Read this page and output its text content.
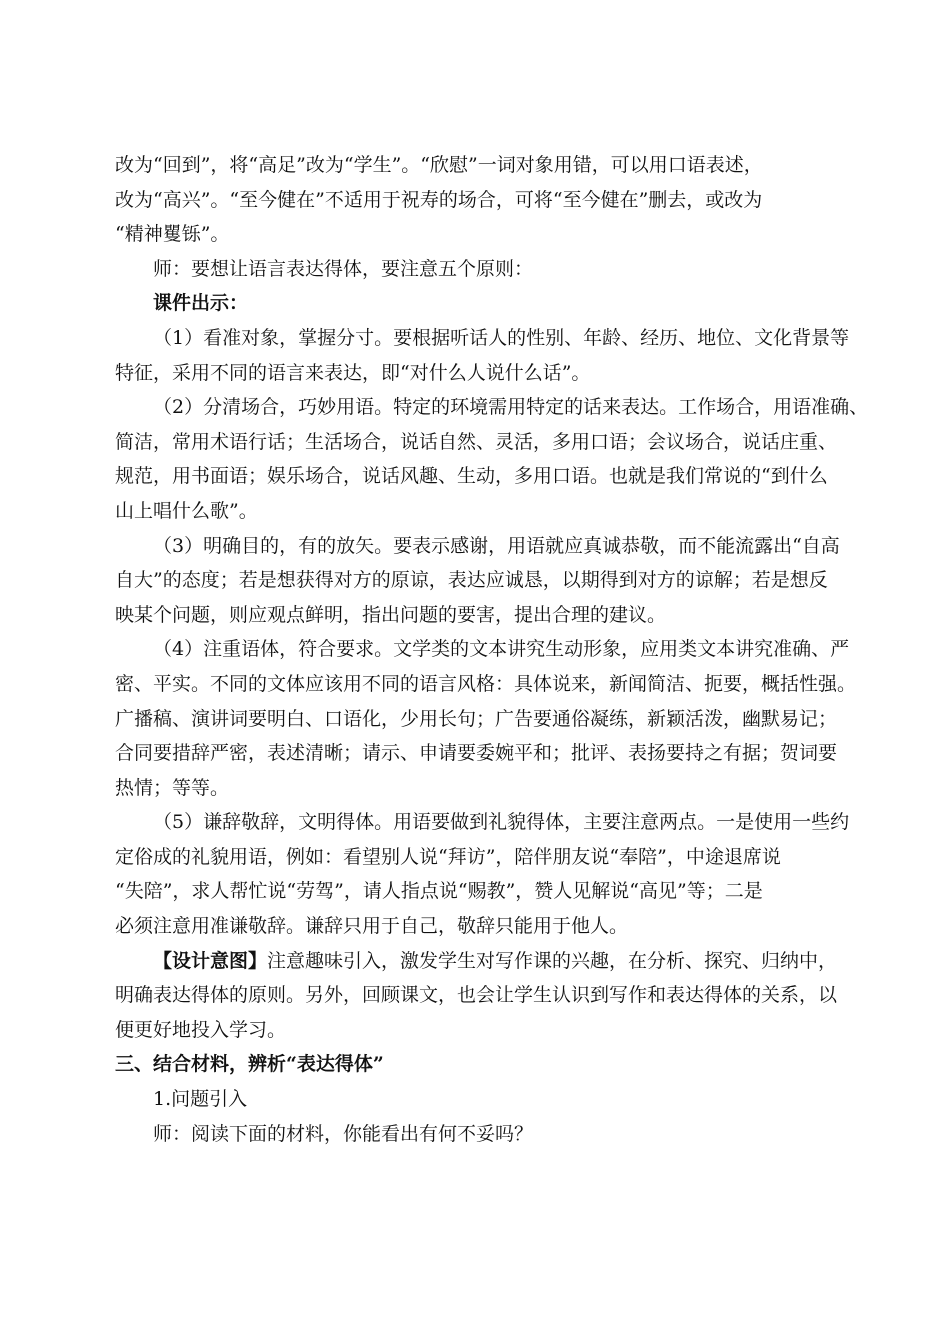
改为“回到”，将“高足”改为“学生”。“欣慰”一词对象用错，可以用口语表述，
改为“高兴”。“至今健在”不适用于祝寿的场合，可将“至今健在”删去，或改为
“精神矍铄”。
师：要想让语言表达得体，要注意五个原则：
课件出示：
（1）看准对象，掌握分寸。要根据听话人的性别、年龄、经历、地位、文化背景等
特征，采用不同的语言来表达，即“对什么人说什么话”。
（2）分清场合，巧妙用语。特定的环境需用特定的话来表达。工作场合，用语准确、
简洁，常用术语行话；生活场合，说话自然、灵活，多用口语；会议场合，说话庄重、
规范，用书面语；娱乐场合，说话风趣、生动，多用口语。也就是我们常说的“到什么
山上唱什么歌”。
（3）明确目的，有的放矢。要表示感谢，用语就应真诚恭敬，而不能流露出“自高
自大”的态度；若是想获得对方的原谅，表达应诚恳，以期得到对方的谅解；若是想反
映某个问题，则应观点鲜明，指出问题的要害，提出合理的建议。
（4）注重语体，符合要求。文学类的文本讲究生动形象，应用类文本讲究准确、严
密、平实。不同的文体应该用不同的语言风格：具体说来，新闻简洁、扼要，概括性强。
广播稿、演讲词要明白、口语化，少用长句；广告要通俗凝练，新颖活泼，幽默易记；
合同要措辞严密，表述清晰；请示、申请要委婉平和；批评、表扬要持之有据；贺词要
热情；等等。
（5）谦辞敬辞，文明得体。用语要做到礼貌得体，主要注意两点。一是使用一些约
定俗成的礼貌用语，例如：看望别人说“拜访”，陪伴朋友说“奉陪”，中途退席说
“失陪”，求人帮忙说“劳驾”，请人指点说“赐教”，赞人见解说“高见”等；二是
必须注意用准谦敬辞。谦辞只用于自己，敬辞只能用于他人。
【设计意图】注意趣味引入，激发学生对写作课的兴趣，在分析、探究、归纳中，
明确表达得体的原则。另外，回顾课文，也会让学生认识到写作和表达得体的关系，以
便更好地投入学习。
三、结合材料，辨析“表达得体”
1.问题引入
师：阅读下面的材料，你能看出有何不妥吗？
